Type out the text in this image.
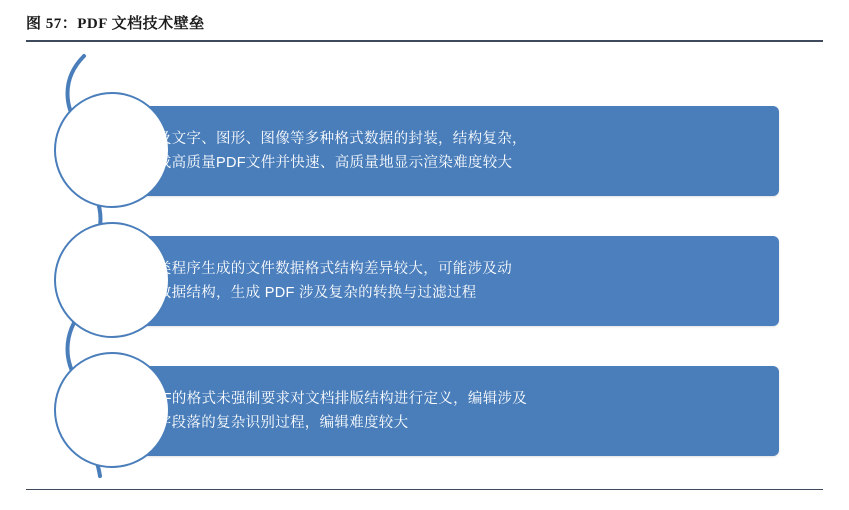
图 57：PDF 文档技术壁垒
涉及文字、图形、图像等多种格式数据的封装，结构复杂，
生成高质量PDF文件并快速、高质量地显示渲染难度较大
各类程序生成的文件数据格式结构差异较大，可能涉及动
态数据结构，生成 PDF 涉及复杂的转换与过滤过程
PDF的格式未强制要求对文档排版结构进行定义，编辑涉及
文字段落的复杂识别过程，编辑难度较大
